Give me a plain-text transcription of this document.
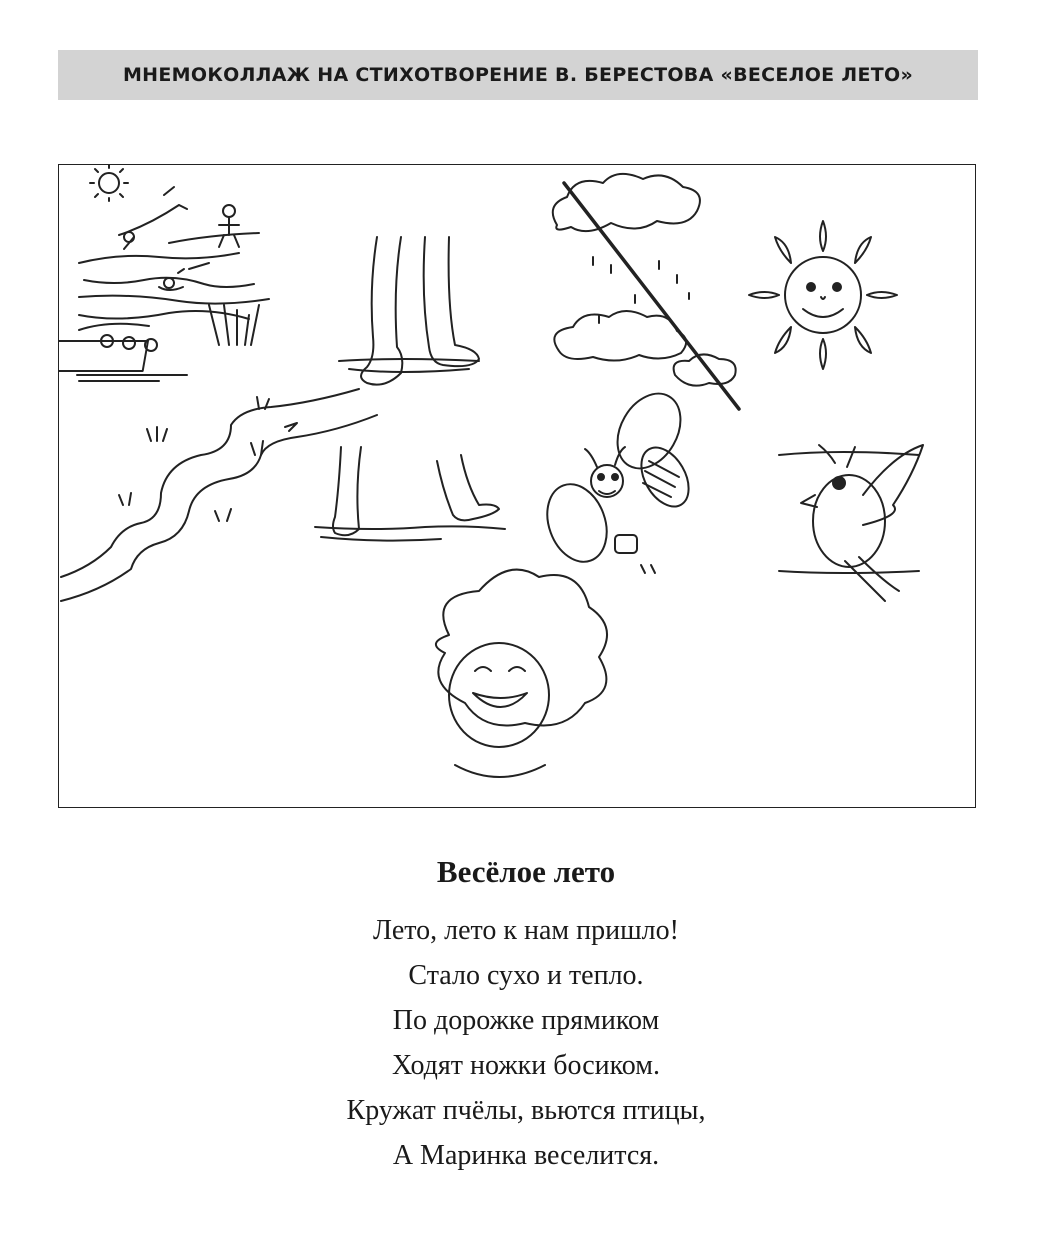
МНЕМОКОЛЛАЖ НА СТИХОТВОРЕНИЕ В. БЕРЕСТОВА «ВЕСЕЛОЕ ЛЕТО»
Весёлое лето
Лето, лето к нам пришло!
Стало сухо и тепло.
По дорожке прямиком
Ходят ножки босиком.
Кружат пчёлы, вьются птицы,
А Маринка веселится.
